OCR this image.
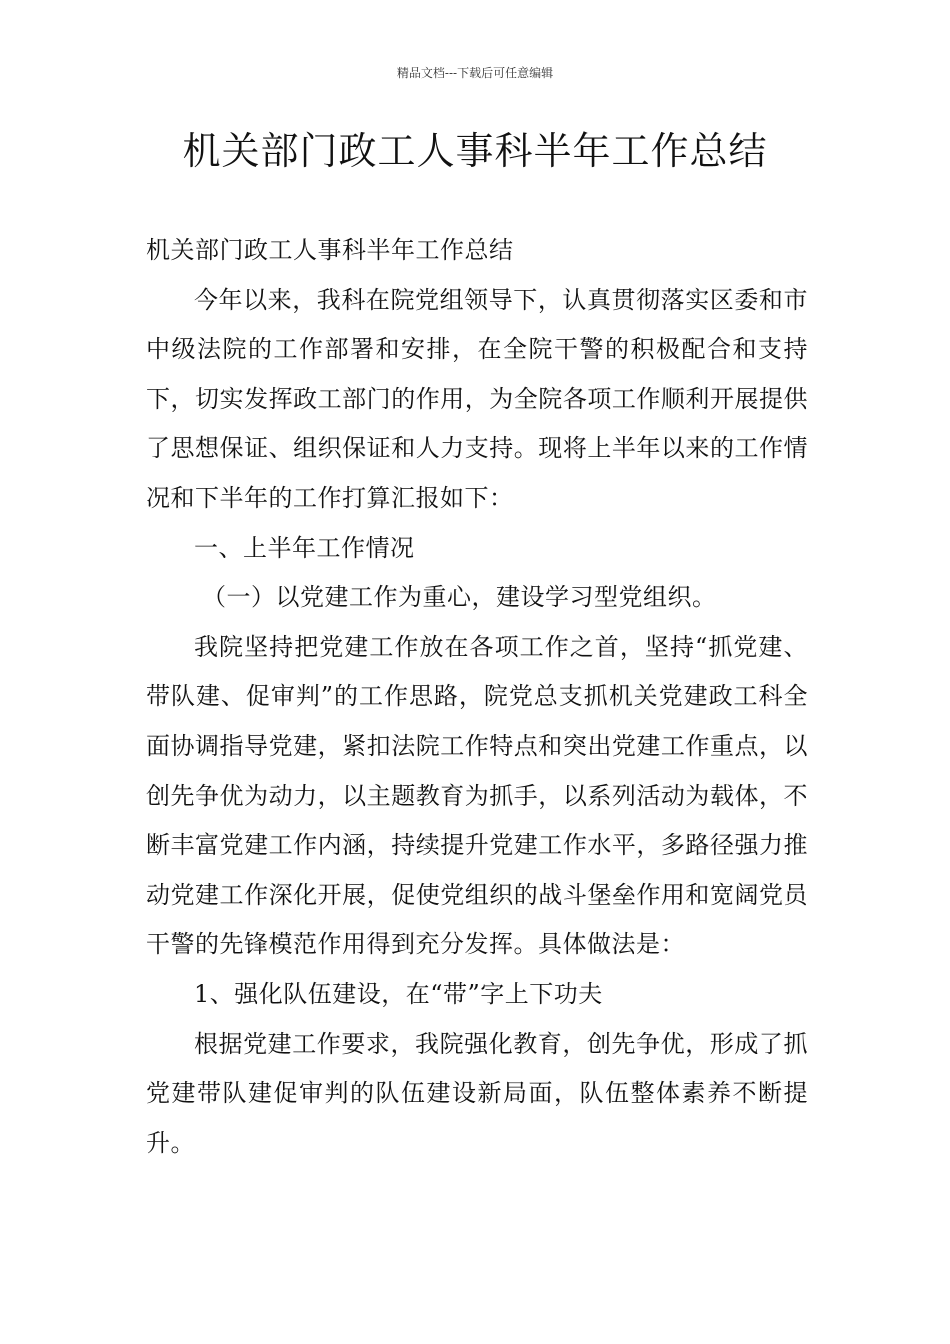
精品文档---下载后可任意编辑
机关部门政工人事科半年工作总结

机关部门政工人事科半年工作总结

今年以来，我科在院党组领导下，认真贯彻落实区委和市中级法院的工作部署和安排，在全院干警的积极配合和支持下，切实发挥政工部门的作用，为全院各项工作顺利开展提供了思想保证、组织保证和人力支持。现将上半年以来的工作情况和下半年的工作打算汇报如下：

一、上半年工作情况

（一）以党建工作为重心，建设学习型党组织。

我院坚持把党建工作放在各项工作之首，坚持“抓党建、带队建、促审判”的工作思路，院党总支抓机关党建政工科全面协调指导党建，紧扣法院工作特点和突出党建工作重点，以创先争优为动力，以主题教育为抓手，以系列活动为载体，不断丰富党建工作内涵，持续提升党建工作水平，多路径强力推动党建工作深化开展，促使党组织的战斗堡垒作用和宽阔党员干警的先锋模范作用得到充分发挥。具体做法是：

1、强化队伍建设，在“带”字上下功夫

根据党建工作要求，我院强化教育，创先争优，形成了抓党建带队建促审判的队伍建设新局面，队伍整体素养不断提升。
